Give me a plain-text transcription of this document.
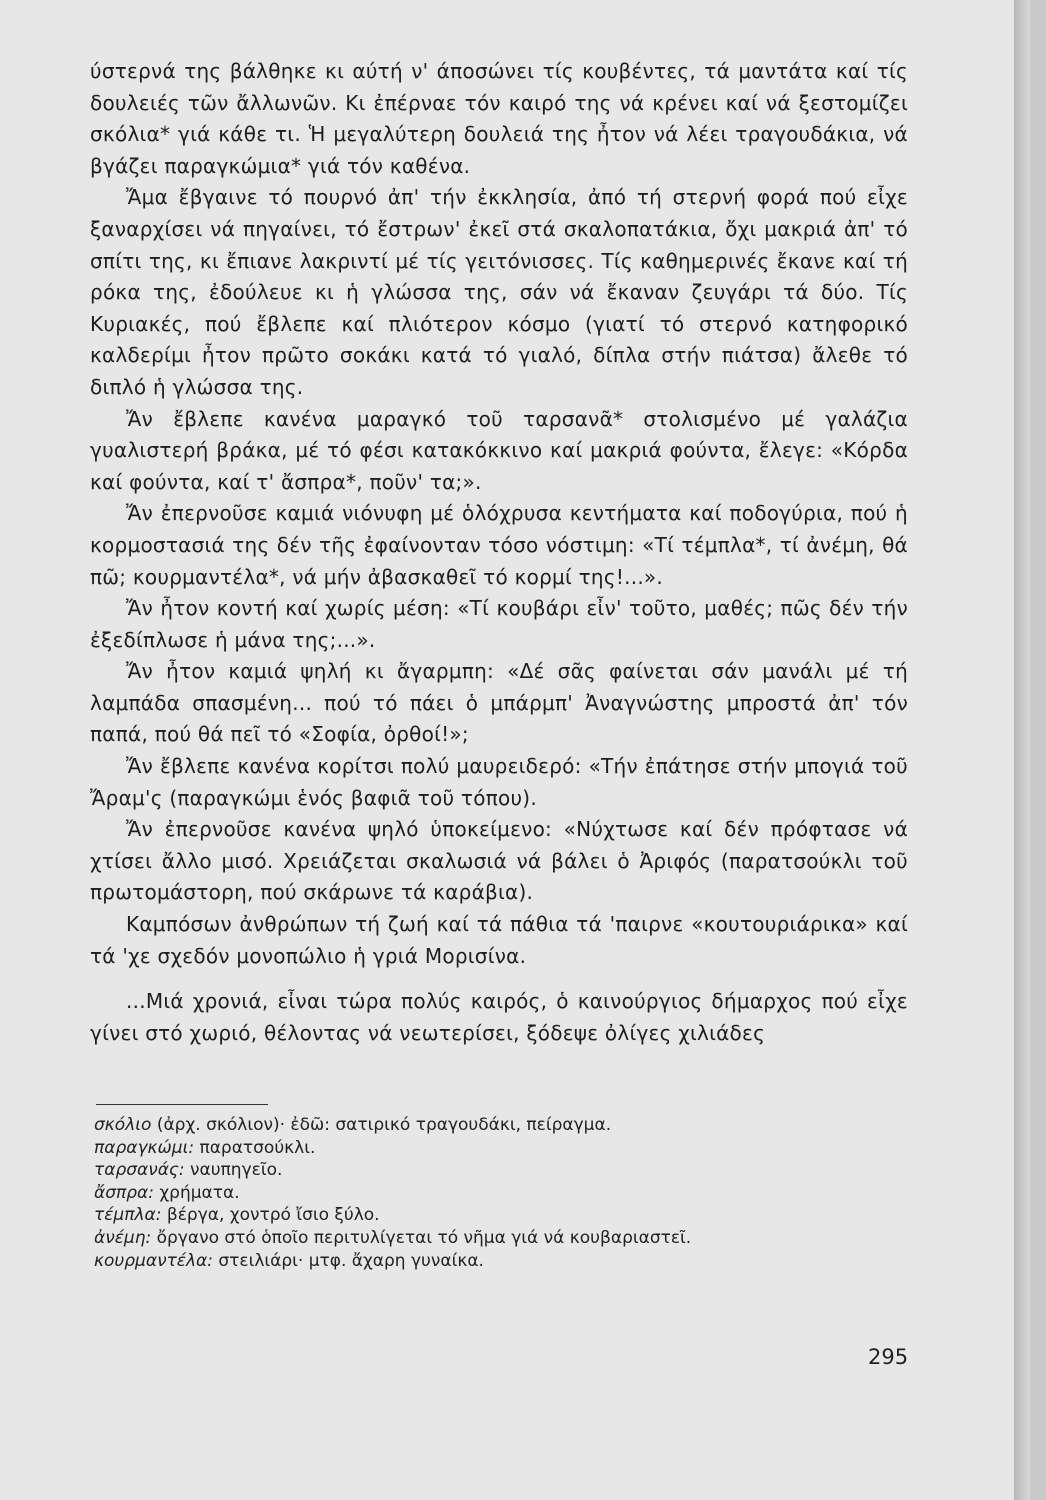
ύστερνά της βάλθηκε κι αύτή ν' άποσώνει τίς κουβέντες, τά μαντάτα καί τίς δουλειές τῶν ἄλλωνῶν. Κι ἐπέρναε τόν καιρό της νά κρένει καί νά ξεστομίζει σκόλια* γιά κάθε τι. Ἡ μεγαλύτερη δουλειά της ἦτον νά λέει τραγουδάκια, νά βγάζει παραγκώμια* γιά τόν καθένα.

Ἄμα ἔβγαινε τό πουρνό ἀπ' τήν ἐκκλησία, ἀπό τή στερνή φορά πού εἶχε ξαναρχίσει νά πηγαίνει, τό ἔστρων' ἐκεῖ στά σκαλοπατάκια, ὄχι μακριά ἀπ' τό σπίτι της, κι ἔπιανε λακριντί μέ τίς γειτόνισσες. Τίς καθημερινές ἔκανε καί τή ρόκα της, ἐδούλευε κι ἡ γλώσσα της, σάν νά ἔκαναν ζευγάρι τά δύο. Τίς Κυριακές, πού ἔβλεπε καί πλιότερον κόσμο (γιατί τό στερνό κατηφορικό καλδερίμι ἦτον πρῶτο σοκάκι κατά τό γιαλό, δίπλα στήν πιάτσα) ἄλεθε τό διπλό ἡ γλώσσα της.

Ἄν ἔβλεπε κανένα μαραγκό τοῦ ταρσανᾶ* στολισμένο μέ γαλάζια γυαλιστερή βράκα, μέ τό φέσι κατακόκκινο καί μακριά φούντα, ἔλεγε: «Κόρδα καί φούντα, καί τ' ἄσπρα*, ποῦν' τα;».

Ἄν ἐπερνοῦσε καμιά νιόνυφη μέ ὁλόχρυσα κεντήματα καί ποδογύρια, πού ἡ κορμοστασιά της δέν τῆς ἐφαίνονταν τόσο νόστιμη: «Τί τέμπλα*, τί ἀνέμη, θά πῶ; κουρμαντέλα*, νά μήν ἀβασκαθεῖ τό κορμί της!...».

Ἄν ἦτον κοντή καί χωρίς μέση: «Τί κουβάρι εἶν' τοῦτο, μαθές; πῶς δέν τήν ἐξεδίπλωσε ἡ μάνα της;...».

Ἄν ἦτον καμιά ψηλή κι ἄγαρμπη: «Δέ σᾶς φαίνεται σάν μανάλι μέ τή λαμπάδα σπασμένη... πού τό πάει ὁ μπάρμπ' Ἀναγνώστης μπροστά ἀπ' τόν παπά, πού θά πεῖ τό «Σοφία, ὀρθοί!»;

Ἄν ἔβλεπε κανένα κορίτσι πολύ μαυρειδερό: «Τήν ἐπάτησε στήν μπογιά τοῦ Ἄραμ'ς (παραγκώμι ἑνός βαφιᾶ τοῦ τόπου).

Ἄν ἐπερνοῦσε κανένα ψηλό ὑποκείμενο: «Νύχτωσε καί δέν πρόφτασε νά χτίσει ἄλλο μισό. Χρειάζεται σκαλωσιά νά βάλει ὁ Ἀριφός (παρατσούκλι τοῦ πρωτομάστορη, πού σκάρωνε τά καράβια).

Καμπόσων ἀνθρώπων τή ζωή καί τά πάθια τά 'παιρνε «κουτουριάρικα» καί τά 'χε σχεδόν μονοπώλιο ἡ γριά Μορισίνα.

...Μιά χρονιά, εἶναι τώρα πολύς καιρός, ὁ καινούργιος δήμαρχος πού εἶχε γίνει στό χωριό, θέλοντας νά νεωτερίσει, ξόδεψε ὀλίγες χιλιάδες

σκόλιο (ἀρχ. σκόλιον)· ἐδῶ: σατιρικό τραγουδάκι, πείραγμα.
παραγκώμι: παρατσούκλι.
ταρσανάς: ναυπηγεῖο.
ἄσπρα: χρήματα.
τέμπλα: βέργα, χοντρό ἴσιο ξύλο.
ἀνέμη: ὄργανο στό ὁποῖο περιτυλίγεται τό νῆμα γιά νά κουβαριαστεῖ.
κουρμαντέλα: στειλιάρι· μτφ. ἄχαρη γυναίκα.
295
